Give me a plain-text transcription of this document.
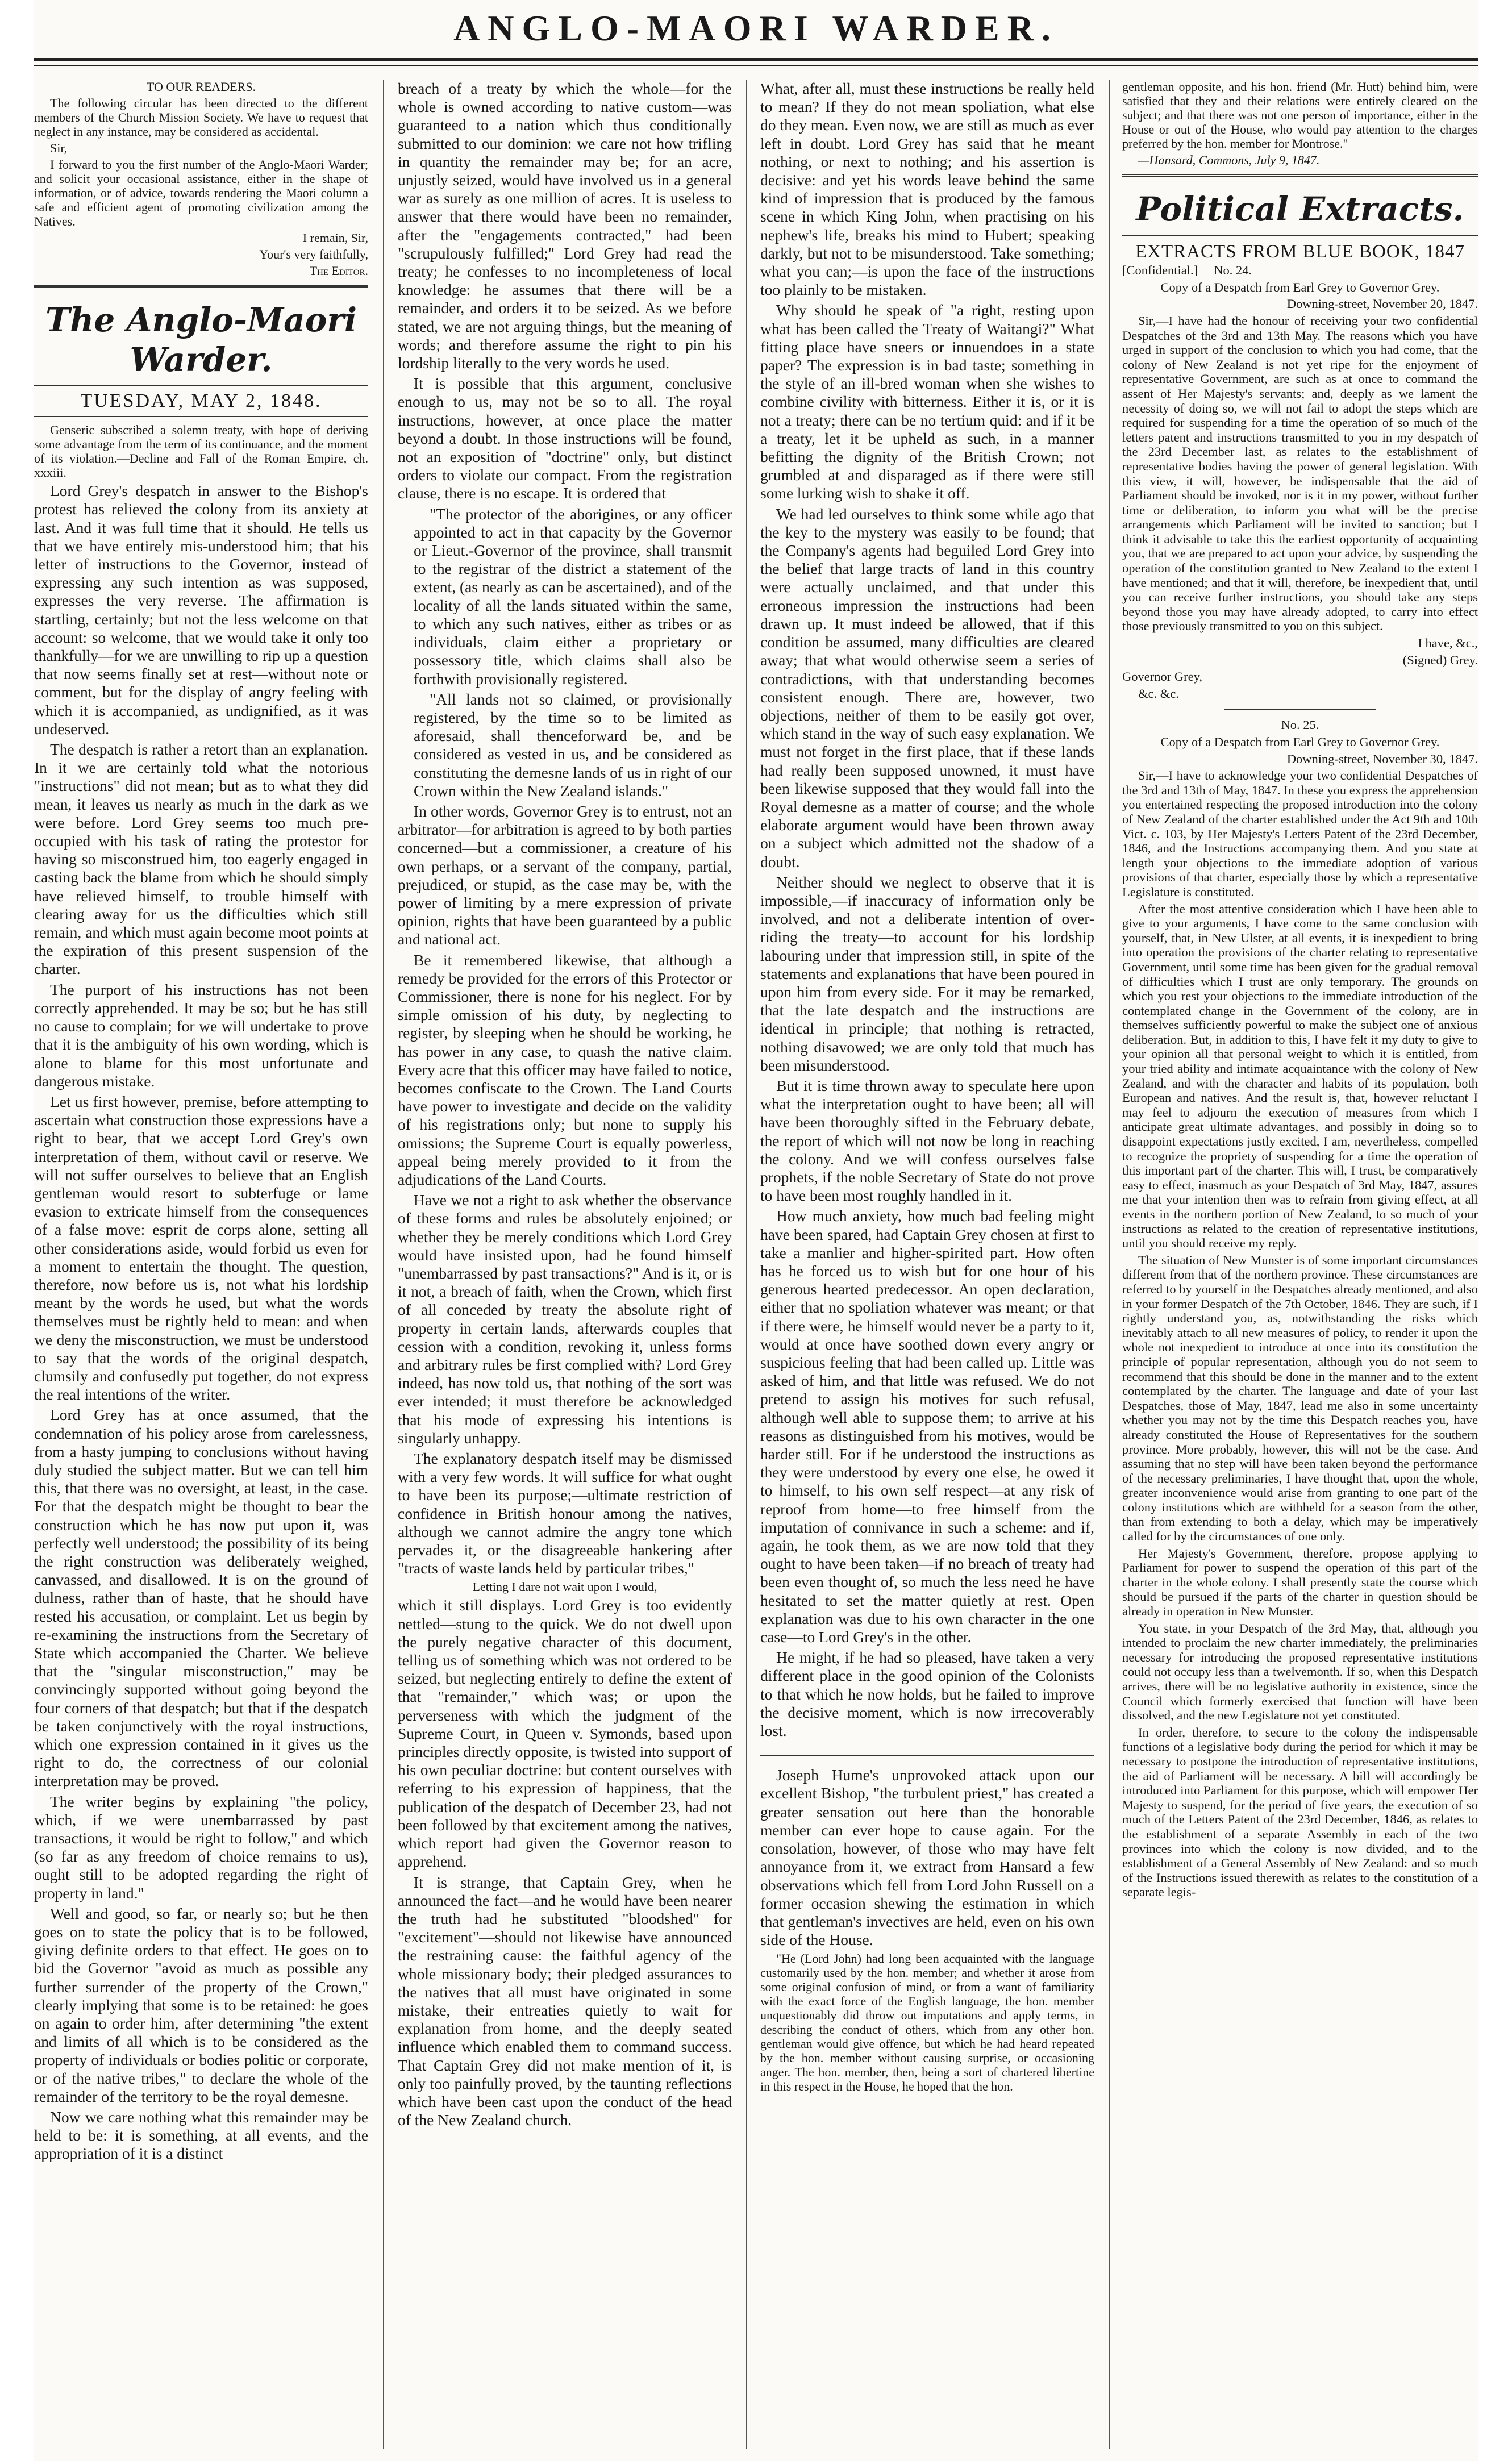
ANGLO-MAORI WARDER.

TO OUR READERS.

The following circular has been directed to the different members of the Church Mission Society. We have to request that neglect in any instance, may be considered as accidental.

Sir,

I forward to you the first number of the Anglo-Maori Warder; and solicit your occasional assistance, either in the shape of information, or of advice, towards rendering the Maori column a safe and efficient agent of promoting civilization among the Natives.

I remain, Sir,

Your's very faithfully,

The Editor.

The Anglo-Maori Warder.
TUESDAY, MAY 2, 1848.

Genseric subscribed a solemn treaty, with hope of deriving some advantage from the term of its continuance, and the moment of its violation.—Decline and Fall of the Roman Empire, ch. xxxiii.

Lord Grey's despatch in answer to the Bishop's protest has relieved the colony from its anxiety at last. And it was full time that it should. He tells us that we have entirely mis-understood him; that his letter of instructions to the Governor, instead of expressing any such intention as was supposed, expresses the very reverse. The affirmation is startling, certainly; but not the less welcome on that account: so welcome, that we would take it only too thankfully—for we are unwilling to rip up a question that now seems finally set at rest—without note or comment, but for the display of angry feeling with which it is accompanied, as undignified, as it was undeserved.

The despatch is rather a retort than an explanation. In it we are certainly told what the notorious "instructions" did not mean; but as to what they did mean, it leaves us nearly as much in the dark as we were before. Lord Grey seems too much pre-occupied with his task of rating the protestor for having so misconstrued him, too eagerly engaged in casting back the blame from which he should simply have relieved himself, to trouble himself with clearing away for us the difficulties which still remain, and which must again become moot points at the expiration of this present suspension of the charter.

The purport of his instructions has not been correctly apprehended. It may be so; but he has still no cause to complain; for we will undertake to prove that it is the ambiguity of his own wording, which is alone to blame for this most unfortunate and dangerous mistake.

Let us first however, premise, before attempting to ascertain what construction those expressions have a right to bear, that we accept Lord Grey's own interpretation of them, without cavil or reserve. We will not suffer ourselves to believe that an English gentleman would resort to subterfuge or lame evasion to extricate himself from the consequences of a false move: esprit de corps alone, setting all other considerations aside, would forbid us even for a moment to entertain the thought. The question, therefore, now before us is, not what his lordship meant by the words he used, but what the words themselves must be rightly held to mean: and when we deny the misconstruction, we must be understood to say that the words of the original despatch, clumsily and confusedly put together, do not express the real intentions of the writer.

Lord Grey has at once assumed, that the condemnation of his policy arose from carelessness, from a hasty jumping to conclusions without having duly studied the subject matter. But we can tell him this, that there was no oversight, at least, in the case. For that the despatch might be thought to bear the construction which he has now put upon it, was perfectly well understood; the possibility of its being the right construction was deliberately weighed, canvassed, and disallowed. It is on the ground of dulness, rather than of haste, that he should have rested his accusation, or complaint. Let us begin by re-examining the instructions from the Secretary of State which accompanied the Charter. We believe that the "singular misconstruction," may be convincingly supported without going beyond the four corners of that despatch; but that if the despatch be taken conjunctively with the royal instructions, which one expression contained in it gives us the right to do, the correctness of our colonial interpretation may be proved.

The writer begins by explaining "the policy, which, if we were unembarrassed by past transactions, it would be right to follow," and which (so far as any freedom of choice remains to us), ought still to be adopted regarding the right of property in land."

Well and good, so far, or nearly so; but he then goes on to state the policy that is to be followed, giving definite orders to that effect. He goes on to bid the Governor "avoid as much as possible any further surrender of the property of the Crown," clearly implying that some is to be retained: he goes on again to order him, after determining "the extent and limits of all which is to be considered as the property of individuals or bodies politic or corporate, or of the native tribes," to declare the whole of the remainder of the territory to be the royal demesne.

Now we care nothing what this remainder may be held to be: it is something, at all events, and the appropriation of it is a distinct

breach of a treaty by which the whole—for the whole is owned according to native custom—was guaranteed to a nation which thus conditionally submitted to our dominion: we care not how trifling in quantity the remainder may be; for an acre, unjustly seized, would have involved us in a general war as surely as one million of acres. It is useless to answer that there would have been no remainder, after the "engagements contracted," had been "scrupulously fulfilled;" Lord Grey had read the treaty; he confesses to no incompleteness of local knowledge: he assumes that there will be a remainder, and orders it to be seized. As we before stated, we are not arguing things, but the meaning of words; and therefore assume the right to pin his lordship literally to the very words he used.

It is possible that this argument, conclusive enough to us, may not be so to all. The royal instructions, however, at once place the matter beyond a doubt. In those instructions will be found, not an exposition of "doctrine" only, but distinct orders to violate our compact. From the registration clause, there is no escape. It is ordered that

"The protector of the aborigines, or any officer appointed to act in that capacity by the Governor or Lieut.-Governor of the province, shall transmit to the registrar of the district a statement of the extent, (as nearly as can be ascertained), and of the locality of all the lands situated within the same, to which any such natives, either as tribes or as individuals, claim either a proprietary or possessory title, which claims shall also be forthwith provisionally registered.

"All lands not so claimed, or provisionally registered, by the time so to be limited as aforesaid, shall thenceforward be, and be considered as vested in us, and be considered as constituting the demesne lands of us in right of our Crown within the New Zealand islands."

In other words, Governor Grey is to entrust, not an arbitrator—for arbitration is agreed to by both parties concerned—but a commissioner, a creature of his own perhaps, or a servant of the company, partial, prejudiced, or stupid, as the case may be, with the power of limiting by a mere expression of private opinion, rights that have been guaranteed by a public and national act.

Be it remembered likewise, that although a remedy be provided for the errors of this Protector or Commissioner, there is none for his neglect. For by simple omission of his duty, by neglecting to register, by sleeping when he should be working, he has power in any case, to quash the native claim. Every acre that this officer may have failed to notice, becomes confiscate to the Crown. The Land Courts have power to investigate and decide on the validity of his registrations only; but none to supply his omissions; the Supreme Court is equally powerless, appeal being merely provided to it from the adjudications of the Land Courts.

Have we not a right to ask whether the observance of these forms and rules be absolutely enjoined; or whether they be merely conditions which Lord Grey would have insisted upon, had he found himself "unembarrassed by past transactions?" And is it, or is it not, a breach of faith, when the Crown, which first of all conceded by treaty the absolute right of property in certain lands, afterwards couples that cession with a condition, revoking it, unless forms and arbitrary rules be first complied with? Lord Grey indeed, has now told us, that nothing of the sort was ever intended; it must therefore be acknowledged that his mode of expressing his intentions is singularly unhappy.

The explanatory despatch itself may be dismissed with a very few words. It will suffice for what ought to have been its purpose;—ultimate restriction of confidence in British honour among the natives, although we cannot admire the angry tone which pervades it, or the disagreeable hankering after "tracts of waste lands held by particular tribes,"

Letting I dare not wait upon I would,

which it still displays. Lord Grey is too evidently nettled—stung to the quick. We do not dwell upon the purely negative character of this document, telling us of something which was not ordered to be seized, but neglecting entirely to define the extent of that "remainder," which was; or upon the perverseness with which the judgment of the Supreme Court, in Queen v. Symonds, based upon principles directly opposite, is twisted into support of his own peculiar doctrine: but content ourselves with referring to his expression of happiness, that the publication of the despatch of December 23, had not been followed by that excitement among the natives, which report had given the Governor reason to apprehend.

It is strange, that Captain Grey, when he announced the fact—and he would have been nearer the truth had he substituted "bloodshed" for "excitement"—should not likewise have announced the restraining cause: the faithful agency of the whole missionary body; their pledged assurances to the natives that all must have originated in some mistake, their entreaties quietly to wait for explanation from home, and the deeply seated influence which enabled them to command success. That Captain Grey did not make mention of it, is only too painfully proved, by the taunting reflections which have been cast upon the conduct of the head of the New Zealand church.

What, after all, must these instructions be really held to mean? If they do not mean spoliation, what else do they mean. Even now, we are still as much as ever left in doubt. Lord Grey has said that he meant nothing, or next to nothing; and his assertion is decisive: and yet his words leave behind the same kind of impression that is produced by the famous scene in which King John, when practising on his nephew's life, breaks his mind to Hubert; speaking darkly, but not to be misunderstood. Take something; what you can;—is upon the face of the instructions too plainly to be mistaken.

Why should he speak of "a right, resting upon what has been called the Treaty of Waitangi?" What fitting place have sneers or innuendoes in a state paper? The expression is in bad taste; something in the style of an ill-bred woman when she wishes to combine civility with bitterness. Either it is, or it is not a treaty; there can be no tertium quid: and if it be a treaty, let it be upheld as such, in a manner befitting the dignity of the British Crown; not grumbled at and disparaged as if there were still some lurking wish to shake it off.

We had led ourselves to think some while ago that the key to the mystery was easily to be found; that the Company's agents had beguiled Lord Grey into the belief that large tracts of land in this country were actually unclaimed, and that under this erroneous impression the instructions had been drawn up. It must indeed be allowed, that if this condition be assumed, many difficulties are cleared away; that what would otherwise seem a series of contradictions, with that understanding becomes consistent enough. There are, however, two objections, neither of them to be easily got over, which stand in the way of such easy explanation. We must not forget in the first place, that if these lands had really been supposed unowned, it must have been likewise supposed that they would fall into the Royal demesne as a matter of course; and the whole elaborate argument would have been thrown away on a subject which admitted not the shadow of a doubt.

Neither should we neglect to observe that it is impossible,—if inaccuracy of information only be involved, and not a deliberate intention of over-riding the treaty—to account for his lordship labouring under that impression still, in spite of the statements and explanations that have been poured in upon him from every side. For it may be remarked, that the late despatch and the instructions are identical in principle; that nothing is retracted, nothing disavowed; we are only told that much has been misunderstood.

But it is time thrown away to speculate here upon what the interpretation ought to have been; all will have been thoroughly sifted in the February debate, the report of which will not now be long in reaching the colony. And we will confess ourselves false prophets, if the noble Secretary of State do not prove to have been most roughly handled in it.

How much anxiety, how much bad feeling might have been spared, had Captain Grey chosen at first to take a manlier and higher-spirited part. How often has he forced us to wish but for one hour of his generous hearted predecessor. An open declaration, either that no spoliation whatever was meant; or that if there were, he himself would never be a party to it, would at once have soothed down every angry or suspicious feeling that had been called up. Little was asked of him, and that little was refused. We do not pretend to assign his motives for such refusal, although well able to suppose them; to arrive at his reasons as distinguished from his motives, would be harder still. For if he understood the instructions as they were understood by every one else, he owed it to himself, to his own self respect—at any risk of reproof from home—to free himself from the imputation of connivance in such a scheme: and if, again, he took them, as we are now told that they ought to have been taken—if no breach of treaty had been even thought of, so much the less need he have hesitated to set the matter quietly at rest. Open explanation was due to his own character in the one case—to Lord Grey's in the other.

He might, if he had so pleased, have taken a very different place in the good opinion of the Colonists to that which he now holds, but he failed to improve the decisive moment, which is now irrecoverably lost.

Joseph Hume's unprovoked attack upon our excellent Bishop, "the turbulent priest," has created a greater sensation out here than the honorable member can ever hope to cause again. For the consolation, however, of those who may have felt annoyance from it, we extract from Hansard a few observations which fell from Lord John Russell on a former occasion shewing the estimation in which that gentleman's invectives are held, even on his own side of the House.

"He (Lord John) had long been acquainted with the language customarily used by the hon. member; and whether it arose from some original confusion of mind, or from a want of familiarity with the exact force of the English language, the hon. member unquestionably did throw out imputations and apply terms, in describing the conduct of others, which from any other hon. gentleman would give offence, but which he had heard repeated by the hon. member without causing surprise, or occasioning anger. The hon. member, then, being a sort of chartered libertine in this respect in the House, he hoped that the hon.

gentleman opposite, and his hon. friend (Mr. Hutt) behind him, were satisfied that they and their relations were entirely cleared on the subject; and that there was not one person of importance, either in the House or out of the House, who would pay attention to the charges preferred by the hon. member for Montrose."

—Hansard, Commons, July 9, 1847.

Political Extracts.
EXTRACTS FROM BLUE BOOK, 1847

[Confidential.] No. 24.

Copy of a Despatch from Earl Grey to Governor Grey.

Downing-street, November 20, 1847.

Sir,—I have had the honour of receiving your two confidential Despatches of the 3rd and 13th May. The reasons which you have urged in support of the conclusion to which you had come, that the colony of New Zealand is not yet ripe for the enjoyment of representative Government, are such as at once to command the assent of Her Majesty's servants; and, deeply as we lament the necessity of doing so, we will not fail to adopt the steps which are required for suspending for a time the operation of so much of the letters patent and instructions transmitted to you in my despatch of the 23rd December last, as relates to the establishment of representative bodies having the power of general legislation. With this view, it will, however, be indispensable that the aid of Parliament should be invoked, nor is it in my power, without further time or deliberation, to inform you what will be the precise arrangements which Parliament will be invited to sanction; but I think it advisable to take this the earliest opportunity of acquainting you, that we are prepared to act upon your advice, by suspending the operation of the constitution granted to New Zealand to the extent I have mentioned; and that it will, therefore, be inexpedient that, until you can receive further instructions, you should take any steps beyond those you may have already adopted, to carry into effect those previously transmitted to you on this subject.

I have, &c.,

(Signed) Grey.

Governor Grey,

&c. &c.

No. 25.

Copy of a Despatch from Earl Grey to Governor Grey.

Downing-street, November 30, 1847.

Sir,—I have to acknowledge your two confidential Despatches of the 3rd and 13th of May, 1847. In these you express the apprehension you entertained respecting the proposed introduction into the colony of New Zealand of the charter established under the Act 9th and 10th Vict. c. 103, by Her Majesty's Letters Patent of the 23rd December, 1846, and the Instructions accompanying them. And you state at length your objections to the immediate adoption of various provisions of that charter, especially those by which a representative Legislature is constituted.

After the most attentive consideration which I have been able to give to your arguments, I have come to the same conclusion with yourself, that, in New Ulster, at all events, it is inexpedient to bring into operation the provisions of the charter relating to representative Government, until some time has been given for the gradual removal of difficulties which I trust are only temporary. The grounds on which you rest your objections to the immediate introduction of the contemplated change in the Government of the colony, are in themselves sufficiently powerful to make the subject one of anxious deliberation. But, in addition to this, I have felt it my duty to give to your opinion all that personal weight to which it is entitled, from your tried ability and intimate acquaintance with the colony of New Zealand, and with the character and habits of its population, both European and natives. And the result is, that, however reluctant I may feel to adjourn the execution of measures from which I anticipate great ultimate advantages, and possibly in doing so to disappoint expectations justly excited, I am, nevertheless, compelled to recognize the propriety of suspending for a time the operation of this important part of the charter. This will, I trust, be comparatively easy to effect, inasmuch as your Despatch of 3rd May, 1847, assures me that your intention then was to refrain from giving effect, at all events in the northern portion of New Zealand, to so much of your instructions as related to the creation of representative institutions, until you should receive my reply.

The situation of New Munster is of some important circumstances different from that of the northern province. These circumstances are referred to by yourself in the Despatches already mentioned, and also in your former Despatch of the 7th October, 1846. They are such, if I rightly understand you, as, notwithstanding the risks which inevitably attach to all new measures of policy, to render it upon the whole not inexpedient to introduce at once into its constitution the principle of popular representation, although you do not seem to recommend that this should be done in the manner and to the extent contemplated by the charter. The language and date of your last Despatches, those of May, 1847, lead me also in some uncertainty whether you may not by the time this Despatch reaches you, have already constituted the House of Representatives for the southern province. More probably, however, this will not be the case. And assuming that no step will have been taken beyond the performance of the necessary preliminaries, I have thought that, upon the whole, greater inconvenience would arise from granting to one part of the colony institutions which are withheld for a season from the other, than from extending to both a delay, which may be imperatively called for by the circumstances of one only.

Her Majesty's Government, therefore, propose applying to Parliament for power to suspend the operation of this part of the charter in the whole colony. I shall presently state the course which should be pursued if the parts of the charter in question should be already in operation in New Munster.

You state, in your Despatch of the 3rd May, that, although you intended to proclaim the new charter immediately, the preliminaries necessary for introducing the proposed representative institutions could not occupy less than a twelvemonth. If so, when this Despatch arrives, there will be no legislative authority in existence, since the Council which formerly exercised that function will have been dissolved, and the new Legislature not yet constituted.

In order, therefore, to secure to the colony the indispensable functions of a legislative body during the period for which it may be necessary to postpone the introduction of representative institutions, the aid of Parliament will be necessary. A bill will accordingly be introduced into Parliament for this purpose, which will empower Her Majesty to suspend, for the period of five years, the execution of so much of the Letters Patent of the 23rd December, 1846, as relates to the establishment of a separate Assembly in each of the two provinces into which the colony is now divided, and to the establishment of a General Assembly of New Zealand: and so much of the Instructions issued therewith as relates to the constitution of a separate legis-
